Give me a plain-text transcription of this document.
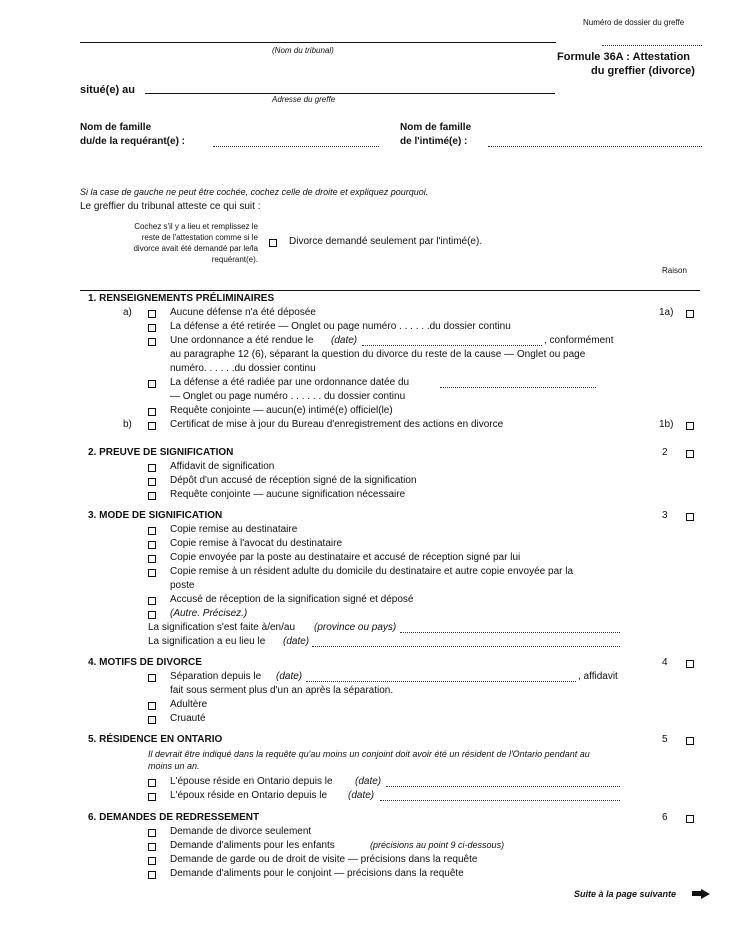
Numéro de dossier du greffe
(Nom du tribunal)
Formule 36A : Attestation
du greffier (divorce)
situé(e) au
Adresse du greffe
Nom de famille
du/de la requérant(e) :
Nom de famille
de l'intimé(e) :
Si la case de gauche ne peut être cochée, cochez celle de droite et expliquez pourquoi.
Le greffier du tribunal atteste ce qui suit :
Cochez s'il y a lieu et remplissez le
reste de l'attestation comme si le
divorce avait été demandé par le/la
requérant(e).
Divorce demandé seulement par l'intimé(e).
Raison
1. RENSEIGNEMENTS PRÉLIMINAIRES
a)	Aucune défense n'a été déposée	1a)
La défense a été retirée — Onglet ou page numéro . . . . . .du dossier continu
Une ordonnance a été rendue le (date)	, conformément
au paragraphe 12 (6), séparant la question du divorce du reste de la cause — Onglet ou page
numéro. . . . . .du dossier continu
La défense a été radiée par une ordonnance datée du
— Onglet ou page numéro . . . . . . du dossier continu
Requête conjointe — aucun(e) intimé(e) officiel(le)
b)	Certificat de mise à jour du Bureau d'enregistrement des actions en divorce	1b)
2. PREUVE DE SIGNIFICATION	2
Affidavit de signification
Dépôt d'un accusé de réception signé de la signification
Requête conjointe — aucune signification nécessaire
3. MODE DE SIGNIFICATION	3
Copie remise au destinataire
Copie remise à l'avocat du destinataire
Copie envoyée par la poste au destinataire et accusé de réception signé par lui
Copie remise à un résident adulte du domicile du destinataire et autre copie envoyée par la
poste
Accusé de réception de la signification signé et déposé
(Autre. Précisez.)
La signification s'est faite à/en/au (province ou pays)
La signification a eu lieu le (date)
4. MOTIFS DE DIVORCE	4
Séparation depuis le (date)	, affidavit
fait sous serment plus d'un an après la séparation.
Adultère
Cruauté
5. RÉSIDENCE EN ONTARIO	5
Il devrait être indiqué dans la requête qu'au moins un conjoint doit avoir été un résident de l'Ontario pendant au
moins un an.
L'épouse réside en Ontario depuis le (date)
L'époux réside en Ontario depuis le (date)
6. DEMANDES DE REDRESSEMENT	6
Demande de divorce seulement
Demande d'aliments pour les enfants	(précisions au point 9 ci-dessous)
Demande de garde ou de droit de visite — précisions dans la requête
Demande d'aliments pour le conjoint — précisions dans la requête
Suite à la page suivante
